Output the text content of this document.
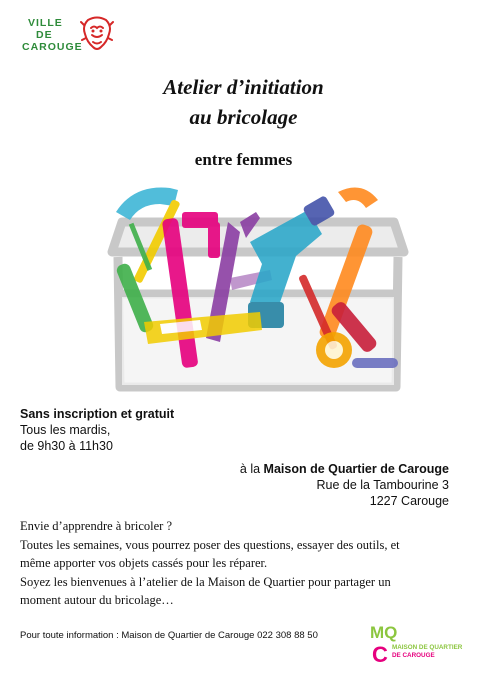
VILLE
DE
CAROUGE
Atelier d’initiation
au bricolage
entre femmes
Sans inscription et gratuit
Tous les mardis,
de 9h30 à 11h30
à la Maison de Quartier de Carouge
Rue de la Tambourine 3
1227 Carouge
Envie d’apprendre à bricoler ?
Toutes les semaines, vous pourrez poser des questions, essayer des outils, et
même apporter vos objets cassés pour les réparer.
Soyez les bienvenues à l’atelier de la Maison de Quartier pour partager un
moment autour du bricolage…
Pour toute information : Maison de Quartier de Carouge 022 308 88 50	MQ
C MAISON DE QUARTIER
DE CAROUGE
